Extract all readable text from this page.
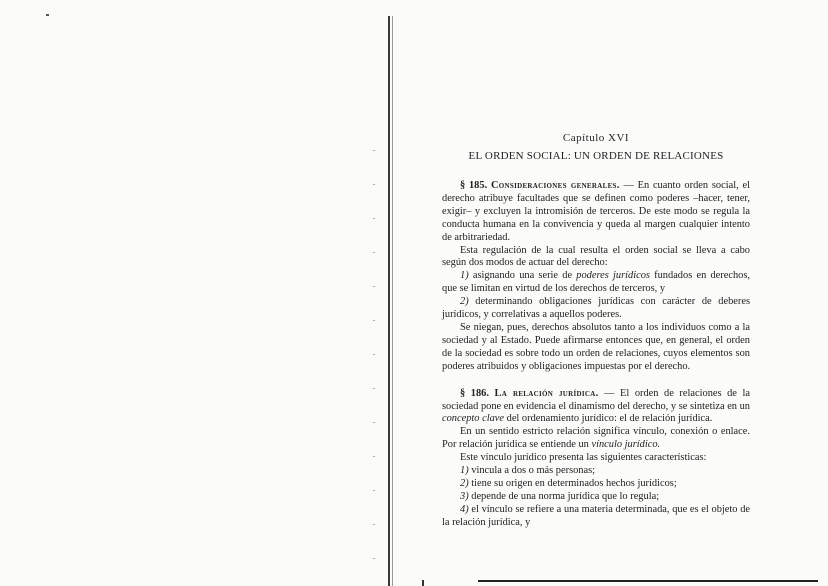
Capítulo XVI
EL ORDEN SOCIAL: UN ORDEN DE RELACIONES

§ 185. Consideraciones generales. — En cuanto orden social, el derecho atribuye facultades que se definen como poderes –hacer, tener, exigir– y excluyen la intromisión de terceros. De este modo se regula la conducta humana en la convivencia y queda al margen cualquier intento de arbitrariedad.

Esta regulación de la cual resulta el orden social se lleva a cabo según dos modos de actuar del derecho:

1) asignando una serie de poderes jurídicos fundados en derechos, que se limitan en virtud de los derechos de terceros, y

2) determinando obligaciones jurídicas con carácter de deberes jurídicos, y correlativas a aquellos poderes.

Se niegan, pues, derechos absolutos tanto a los individuos como a la sociedad y al Estado. Puede afirmarse entonces que, en general, el orden de la sociedad es sobre todo un orden de relaciones, cuyos elementos son poderes atribuidos y obligaciones impuestas por el derecho.

§ 186. La relación jurídica. — El orden de relaciones de la sociedad pone en evidencia el dinamismo del derecho, y se sintetiza en un concepto clave del ordenamiento jurídico: el de relación jurídica.

En un sentido estricto relación significa vínculo, conexión o enlace. Por relación jurídica se entiende un vínculo jurídico.

Este vínculo jurídico presenta las siguientes características:

1) vincula a dos o más personas;

2) tiene su origen en determinados hechos jurídicos;

3) depende de una norma jurídica que lo regula;

4) el vínculo se refiere a una materia determinada, que es el objeto de la relación jurídica, y
